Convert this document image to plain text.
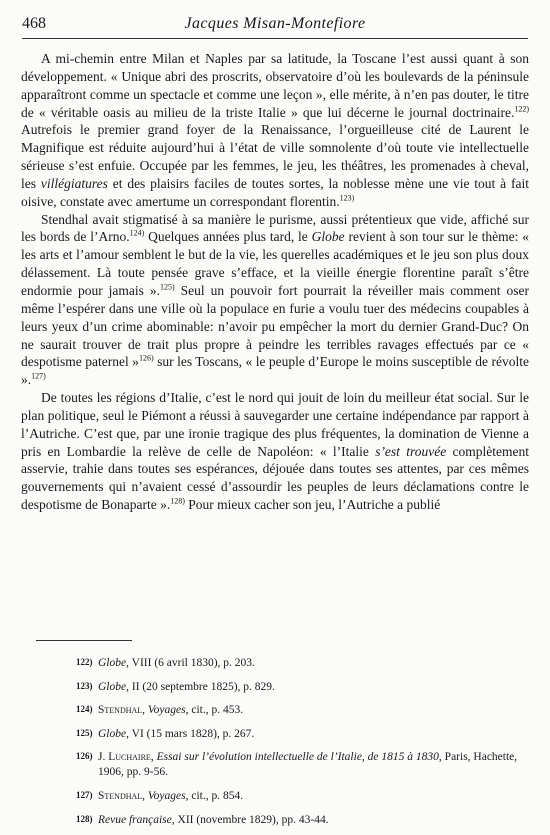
468	Jacques Misan-Montefiore

A mi-chemin entre Milan et Naples par sa latitude, la Toscane l’est aussi quant à son développement. « Unique abri des proscrits, observatoire d’où les boulevards de la péninsule apparaîtront comme un spectacle et comme une leçon », elle mérite, à n’en pas douter, le titre de « véritable oasis au milieu de la triste Italie » que lui décerne le journal doctrinaire.$^{122)}$ Autrefois le premier grand foyer de la Renaissance, l’orgueilleuse cité de Laurent le Magnifique est réduite aujourd’hui à l’état de ville somnolente d’où toute vie intellectuelle sérieuse s’est enfuie. Occupée par les femmes, le jeu, les théâtres, les promenades à cheval, les villégiatures et des plaisirs faciles de toutes sortes, la noblesse mène une vie tout à fait oisive, constate avec amertume un correspondant florentin.$^{123)}$

Stendhal avait stigmatisé à sa manière le purisme, aussi prétentieux que vide, affiché sur les bords de l’Arno.$^{124)}$ Quelques années plus tard, le Globe revient à son tour sur le thème: « les arts et l’amour semblent le but de la vie, les querelles académiques et le jeu son plus doux délassement. Là toute pensée grave s’efface, et la vieille énergie florentine paraît s’être endormie pour jamais ».$^{125)}$ Seul un pouvoir fort pourrait la réveiller mais comment oser même l’espérer dans une ville où la populace en furie a voulu tuer des médecins coupables à leurs yeux d’un crime abominable: n’avoir pu empêcher la mort du dernier Grand-Duc? On ne saurait trouver de trait plus propre à peindre les terribles ravages effectués par ce « despotisme paternel »$^{126)}$ sur les Toscans, « le peuple d’Europe le moins susceptible de révolte ».$^{127)}$

De toutes les régions d’Italie, c’est le nord qui jouit de loin du meilleur état social. Sur le plan politique, seul le Piémont a réussi à sauvegarder une certaine indépendance par rapport à l’Autriche. C’est que, par une ironie tragique des plus fréquentes, la domination de Vienne a pris en Lombardie la relève de celle de Napoléon: « l’Italie s’est trouvée complètement asservie, trahie dans toutes ses espérances, déjouée dans toutes ses attentes, par ces mêmes gouvernements qui n’avaient cessé d’assourdir les peuples de leurs déclamations contre le despotisme de Bonaparte ».$^{128)}$ Pour mieux cacher son jeu, l’Autriche a publié

122) Globe, VIII (6 avril 1830), p. 203.
123) Globe, II (20 septembre 1825), p. 829.
124) Stendhal, Voyages, cit., p. 453.
125) Globe, VI (15 mars 1828), p. 267.
126) J. Luchaire, Essai sur l’évolution intellectuelle de l’Italie, de 1815 à 1830, Paris, Hachette, 1906, pp. 9-56.
127) Stendhal, Voyages, cit., p. 854.
128) Revue française, XII (novembre 1829), pp. 43-44.
